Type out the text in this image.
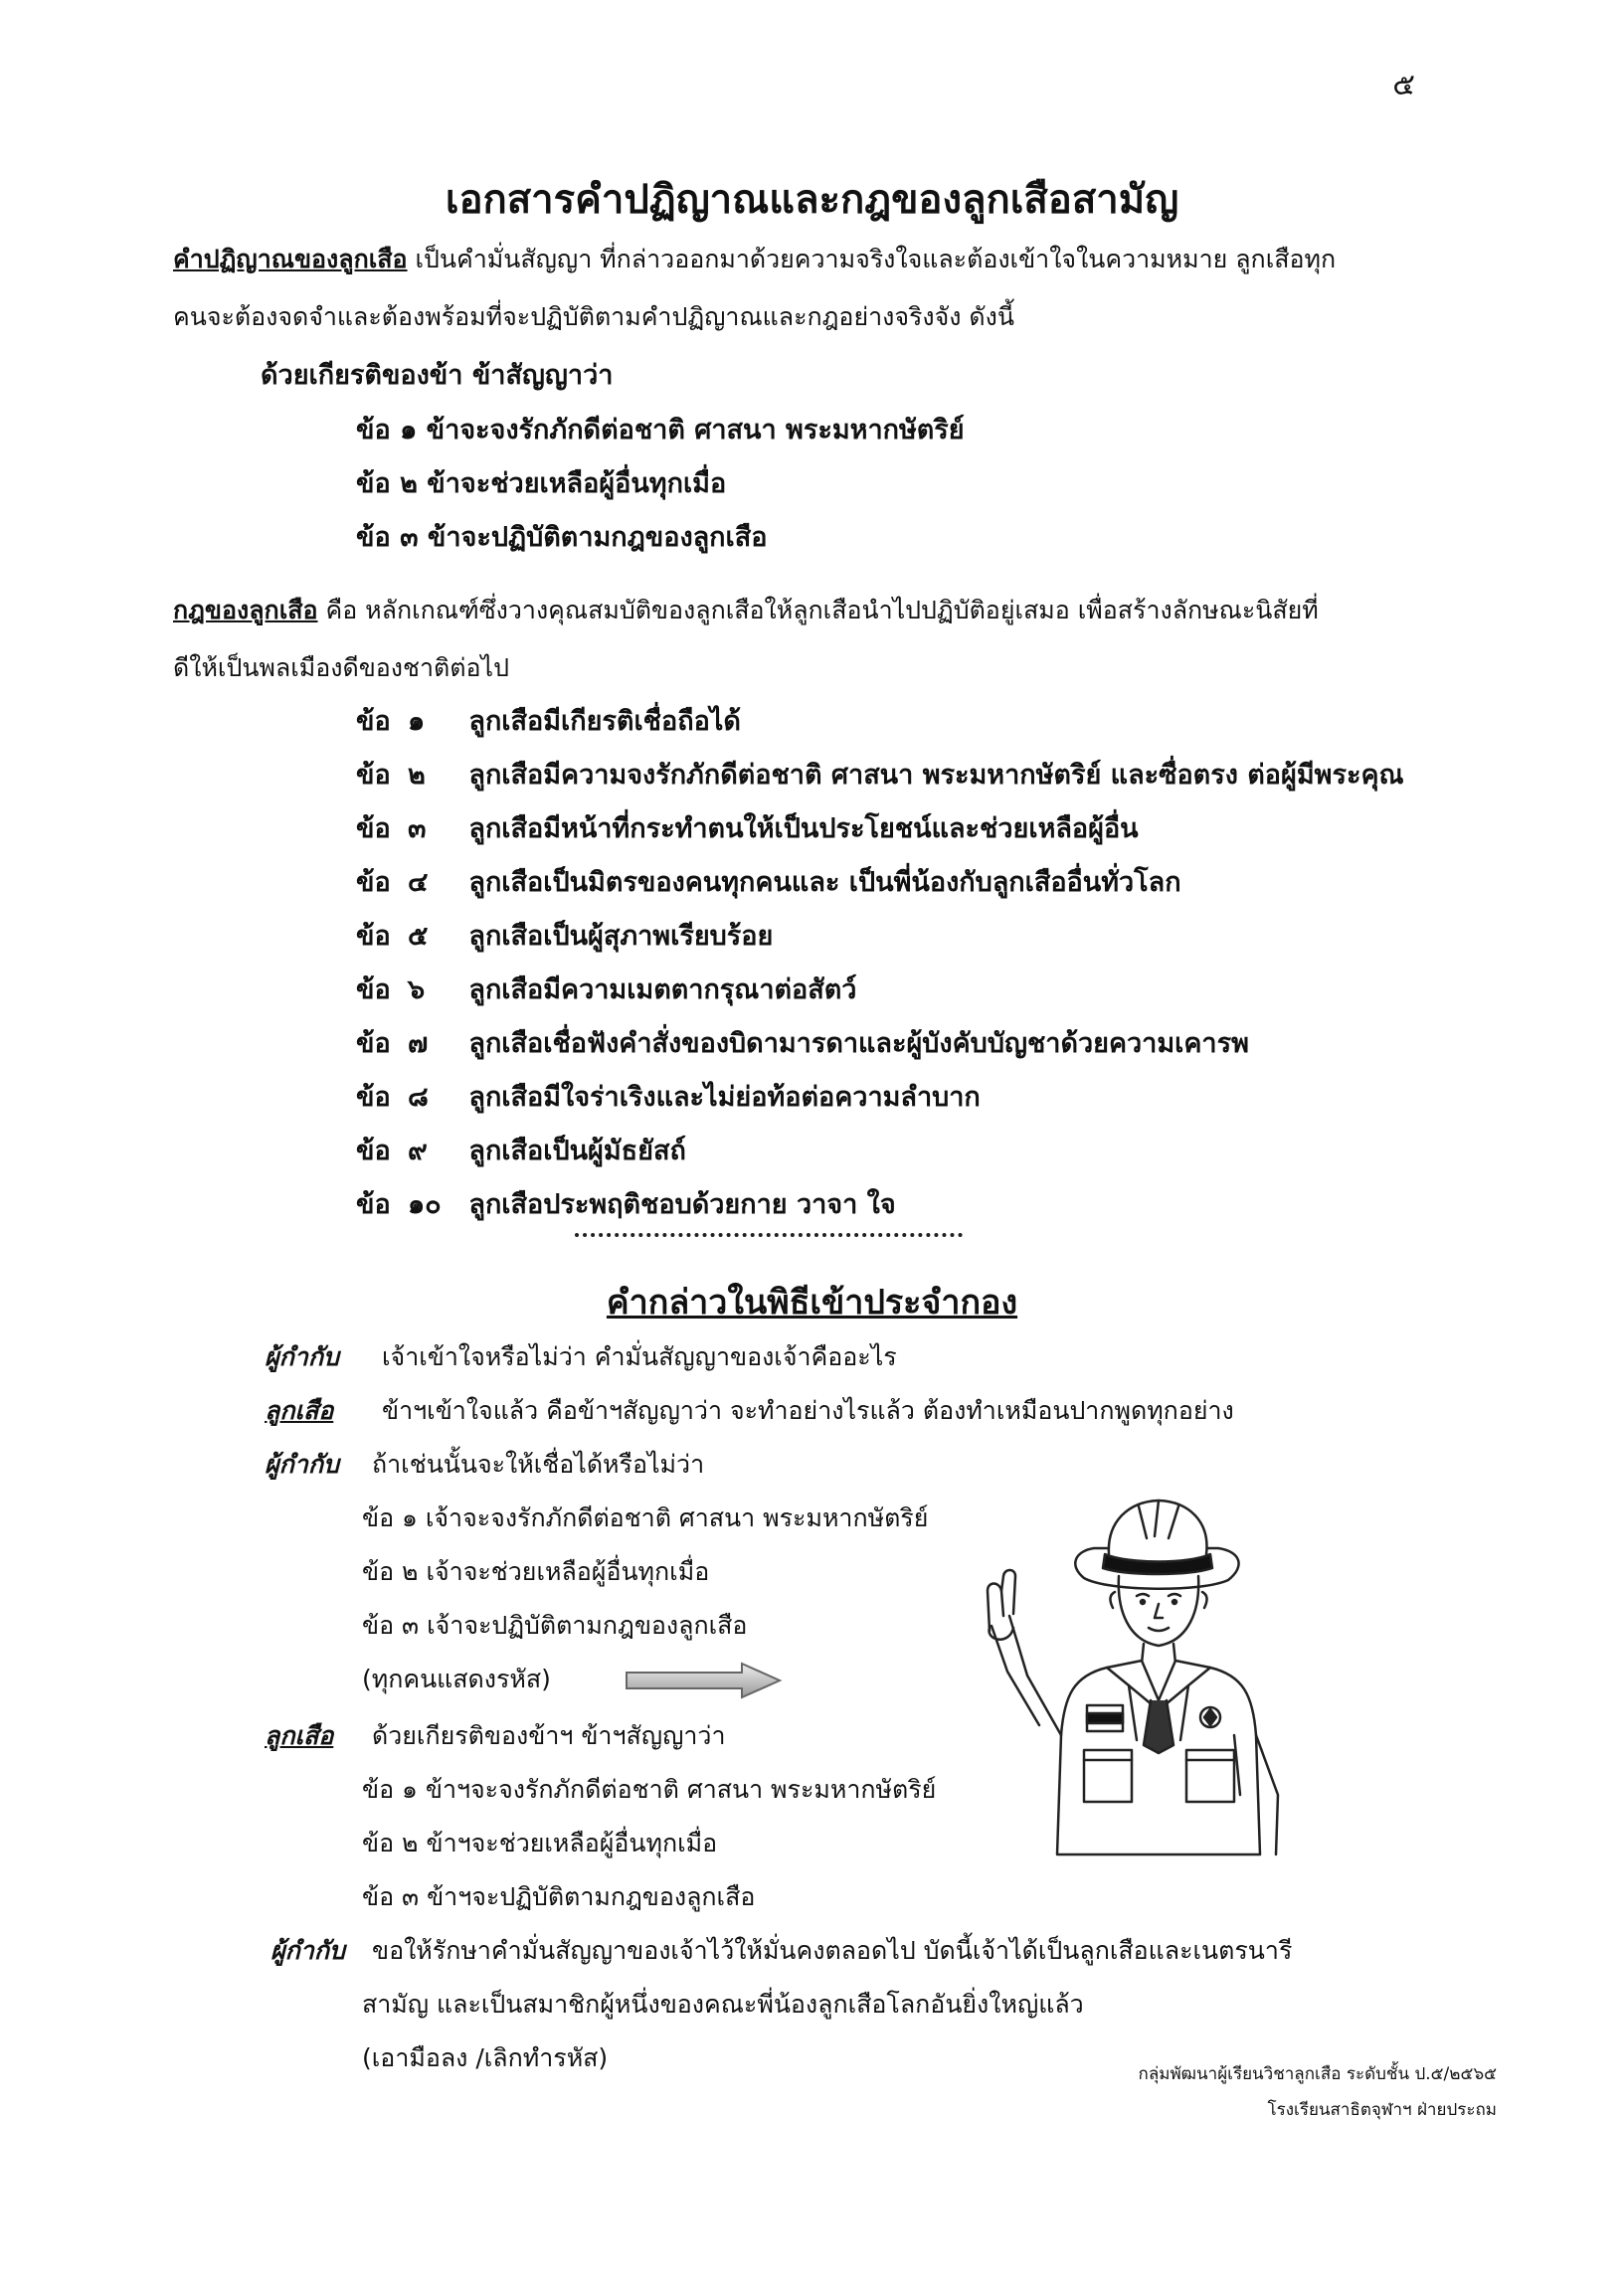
๕
เอกสารคำปฏิญาณและกฎของลูกเสือสามัญ
คำปฏิญาณของลูกเสือ เป็นคำมั่นสัญญา ที่กล่าวออกมาด้วยความจริงใจและต้องเข้าใจในความหมาย ลูกเสือทุก
คนจะต้องจดจำและต้องพร้อมที่จะปฏิบัติตามคำปฏิญาณและกฎอย่างจริงจัง ดังนี้
ด้วยเกียรติของข้า ข้าสัญญาว่า
ข้อ ๑ ข้าจะจงรักภักดีต่อชาติ ศาสนา พระมหากษัตริย์
ข้อ ๒ ข้าจะช่วยเหลือผู้อื่นทุกเมื่อ
ข้อ ๓ ข้าจะปฏิบัติตามกฎของลูกเสือ
กฎของลูกเสือ คือ หลักเกณฑ์ซึ่งวางคุณสมบัติของลูกเสือให้ลูกเสือนำไปปฏิบัติอยู่เสมอ เพื่อสร้างลักษณะนิสัยที่
ดีให้เป็นพลเมืองดีของชาติต่อไป
ข้อ ๑ ลูกเสือมีเกียรติเชื่อถือได้
ข้อ ๒ ลูกเสือมีความจงรักภักดีต่อชาติ ศาสนา พระมหากษัตริย์ และซื่อตรง ต่อผู้มีพระคุณ
ข้อ ๓ ลูกเสือมีหน้าที่กระทำตนให้เป็นประโยชน์และช่วยเหลือผู้อื่น
ข้อ ๔ ลูกเสือเป็นมิตรของคนทุกคนและ เป็นพี่น้องกับลูกเสืออื่นทั่วโลก
ข้อ ๕ ลูกเสือเป็นผู้สุภาพเรียบร้อย
ข้อ ๖ ลูกเสือมีความเมตตากรุณาต่อสัตว์
ข้อ ๗ ลูกเสือเชื่อฟังคำสั่งของบิดามารดาและผู้บังคับบัญชาด้วยความเคารพ
ข้อ ๘ ลูกเสือมีใจร่าเริงและไม่ย่อท้อต่อความลำบาก
ข้อ ๙ ลูกเสือเป็นผู้มัธยัสถ์
ข้อ ๑๐ ลูกเสือประพฤติชอบด้วยกาย วาจา ใจ
คำกล่าวในพิธีเข้าประจำกอง
ผู้กำกับ เจ้าเข้าใจหรือไม่ว่า คำมั่นสัญญาของเจ้าคืออะไร
ลูกเสือ ข้าฯเข้าใจแล้ว คือข้าฯสัญญาว่า จะทำอย่างไรแล้ว ต้องทำเหมือนปากพูดทุกอย่าง
ผู้กำกับ ถ้าเช่นนั้นจะให้เชื่อได้หรือไม่ว่า
ข้อ ๑ เจ้าจะจงรักภักดีต่อชาติ ศาสนา พระมหากษัตริย์
ข้อ ๒ เจ้าจะช่วยเหลือผู้อื่นทุกเมื่อ
ข้อ ๓ เจ้าจะปฏิบัติตามกฎของลูกเสือ
(ทุกคนแสดงรหัส)
ลูกเสือ ด้วยเกียรติของข้าฯ ข้าฯสัญญาว่า
ข้อ ๑ ข้าฯจะจงรักภักดีต่อชาติ ศาสนา พระมหากษัตริย์
ข้อ ๒ ข้าฯจะช่วยเหลือผู้อื่นทุกเมื่อ
ข้อ ๓ ข้าฯจะปฏิบัติตามกฎของลูกเสือ
ผู้กำกับ ขอให้รักษาคำมั่นสัญญาของเจ้าไว้ให้มั่นคงตลอดไป บัดนี้เจ้าได้เป็นลูกเสือและเนตรนารี
สามัญ และเป็นสมาชิกผู้หนึ่งของคณะพี่น้องลูกเสือโลกอันยิ่งใหญ่แล้ว
(เอามือลง /เลิกทำรหัส)
กลุ่มพัฒนาผู้เรียนวิชาลูกเสือ ระดับชั้น ป.๕/๒๕๖๕
โรงเรียนสาธิตจุฬาฯ ฝ่ายประถม
